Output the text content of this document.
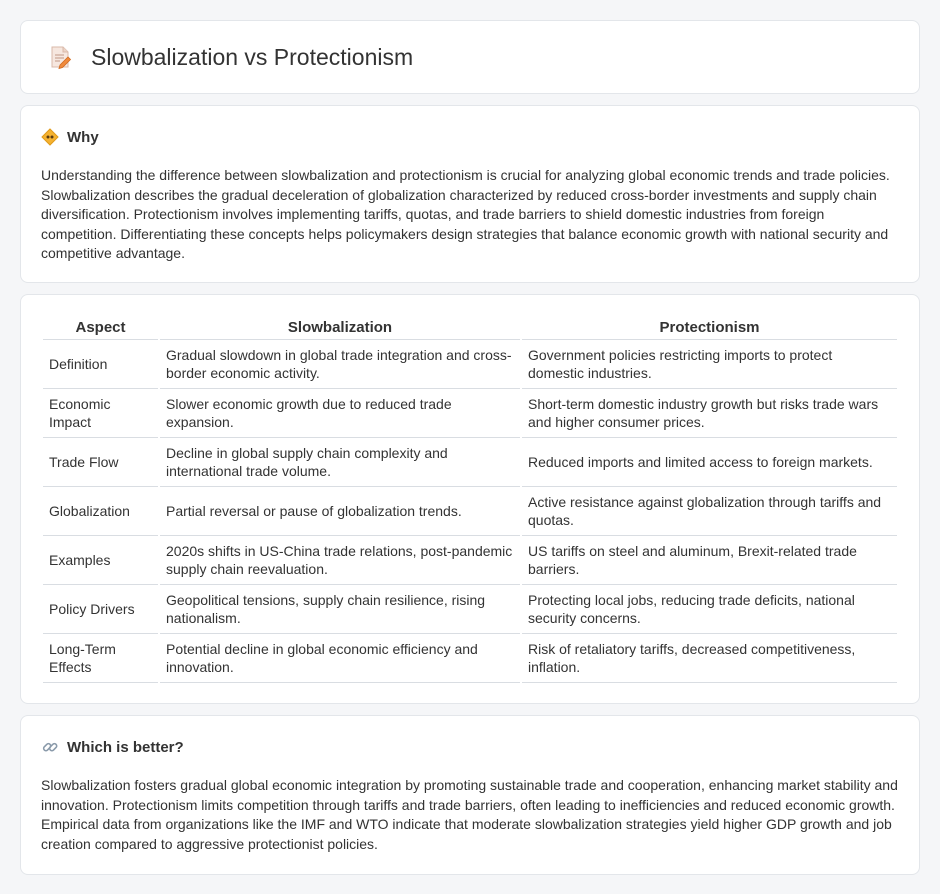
Slowbalization vs Protectionism
Why

Understanding the difference between slowbalization and protectionism is crucial for analyzing global economic trends and trade policies. Slowbalization describes the gradual deceleration of globalization characterized by reduced cross-border investments and supply chain diversification. Protectionism involves implementing tariffs, quotas, and trade barriers to shield domestic industries from foreign competition. Differentiating these concepts helps policymakers design strategies that balance economic growth with national security and competitive advantage.

Aspect	Slowbalization	Protectionism
Definition	Gradual slowdown in global trade integration and cross-border economic activity.	Government policies restricting imports to protect domestic industries.
Economic Impact	Slower economic growth due to reduced trade expansion.	Short-term domestic industry growth but risks trade wars and higher consumer prices.
Trade Flow	Decline in global supply chain complexity and international trade volume.	Reduced imports and limited access to foreign markets.
Globalization	Partial reversal or pause of globalization trends.	Active resistance against globalization through tariffs and quotas.
Examples	2020s shifts in US-China trade relations, post-pandemic supply chain reevaluation.	US tariffs on steel and aluminum, Brexit-related trade barriers.
Policy Drivers	Geopolitical tensions, supply chain resilience, rising nationalism.	Protecting local jobs, reducing trade deficits, national security concerns.
Long-Term Effects	Potential decline in global economic efficiency and innovation.	Risk of retaliatory tariffs, decreased competitiveness, inflation.
Which is better?

Slowbalization fosters gradual global economic integration by promoting sustainable trade and cooperation, enhancing market stability and innovation. Protectionism limits competition through tariffs and trade barriers, often leading to inefficiencies and reduced economic growth. Empirical data from organizations like the IMF and WTO indicate that moderate slowbalization strategies yield higher GDP growth and job creation compared to aggressive protectionist policies.
